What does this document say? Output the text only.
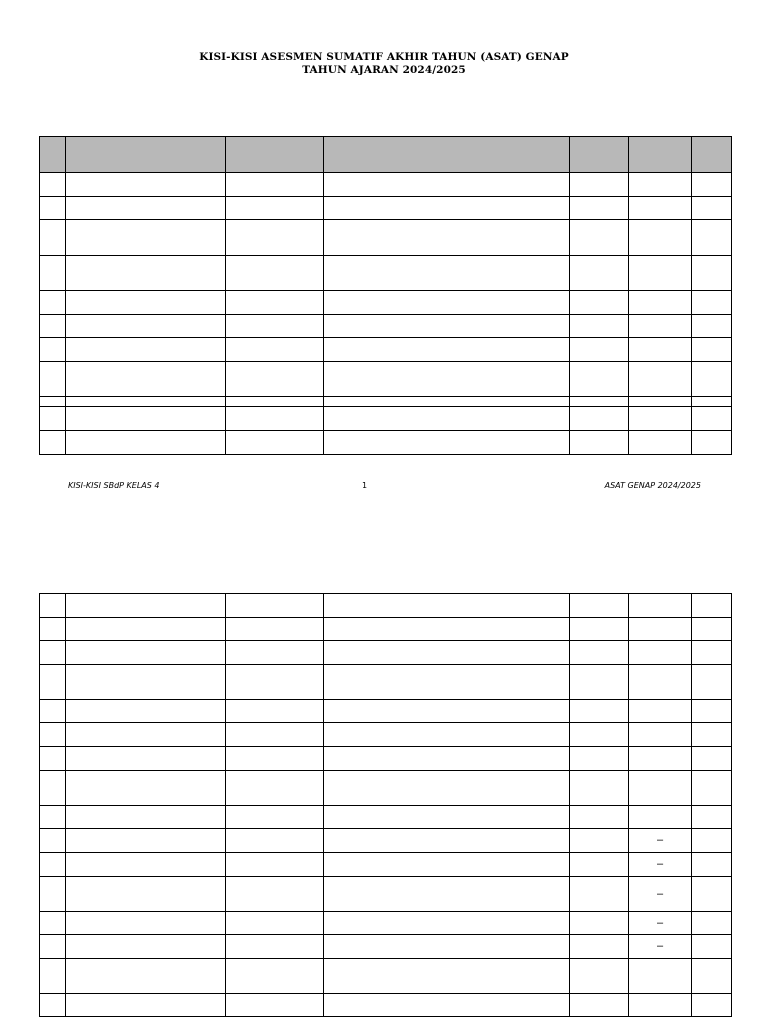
KISI-KISI ASESMEN SUMATIF AKHIR TAHUN (ASAT) GENAP
TAHUN AJARAN 2024/2025

KISI-KISI SBdP KELAS 4	1	ASAT GENAP 2024/2025

					–	
					–	
					–	
					–	
					–	
